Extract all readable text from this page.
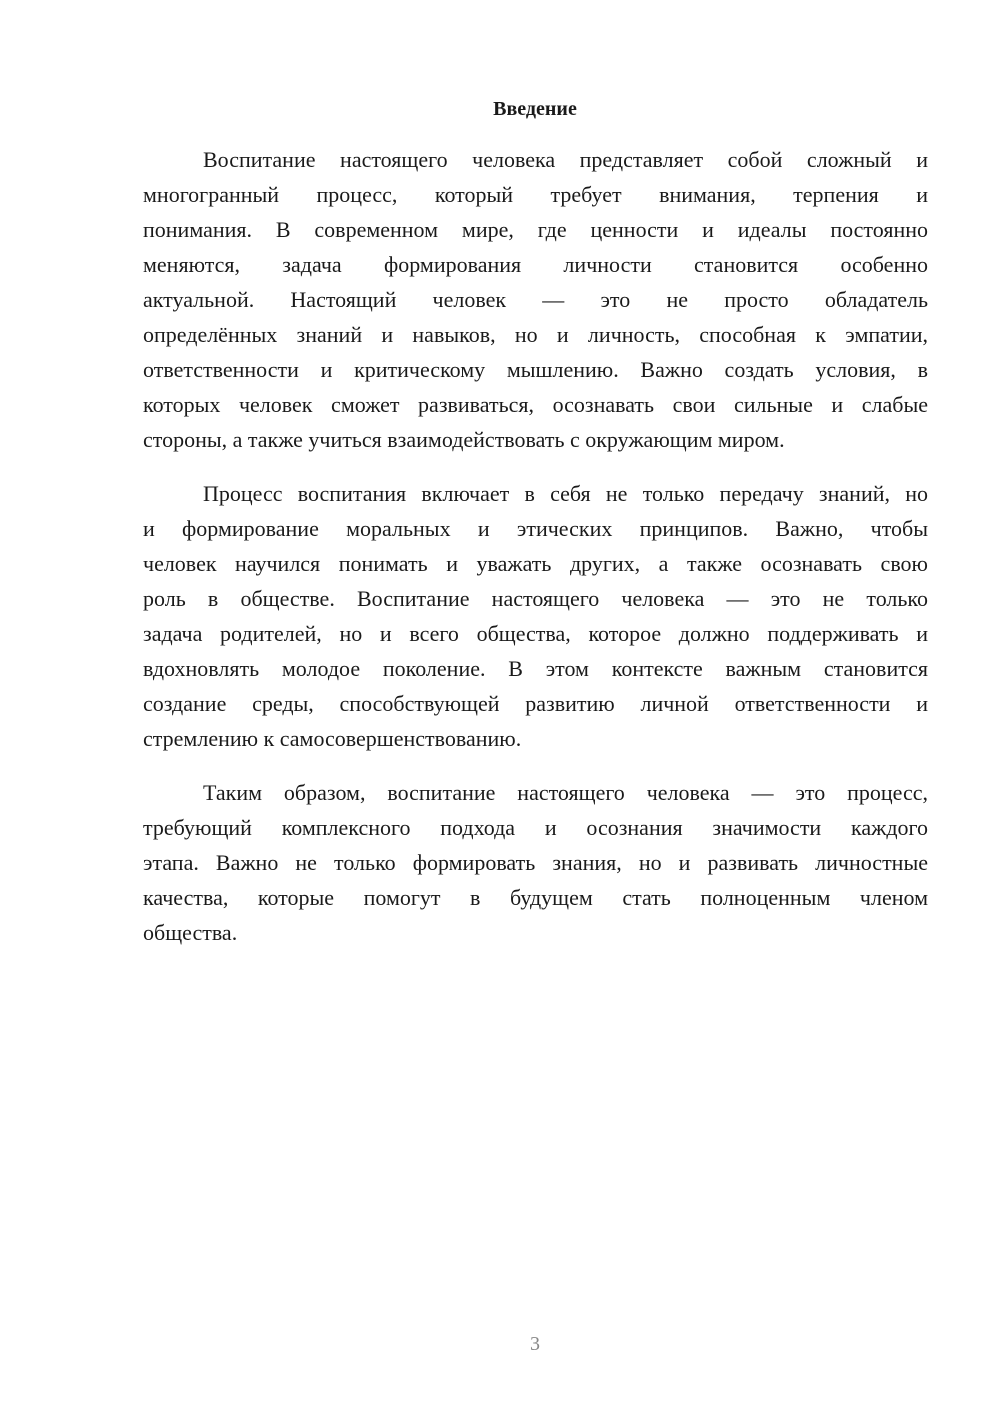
Введение
Воспитание настоящего человека представляет собой сложный и
многогранный процесс, который требует внимания, терпения и
понимания. В современном мире, где ценности и идеалы постоянно
меняются, задача формирования личности становится особенно
актуальной. Настоящий человек — это не просто обладатель
определённых знаний и навыков, но и личность, способная к эмпатии,
ответственности и критическому мышлению. Важно создать условия, в
которых человек сможет развиваться, осознавать свои сильные и слабые
стороны, а также учиться взаимодействовать с окружающим миром.
Процесс воспитания включает в себя не только передачу знаний, но
и формирование моральных и этических принципов. Важно, чтобы
человек научился понимать и уважать других, а также осознавать свою
роль в обществе. Воспитание настоящего человека — это не только
задача родителей, но и всего общества, которое должно поддерживать и
вдохновлять молодое поколение. В этом контексте важным становится
создание среды, способствующей развитию личной ответственности и
стремлению к самосовершенствованию.
Таким образом, воспитание настоящего человека — это процесс,
требующий комплексного подхода и осознания значимости каждого
этапа. Важно не только формировать знания, но и развивать личностные
качества, которые помогут в будущем стать полноценным членом
общества.
3
